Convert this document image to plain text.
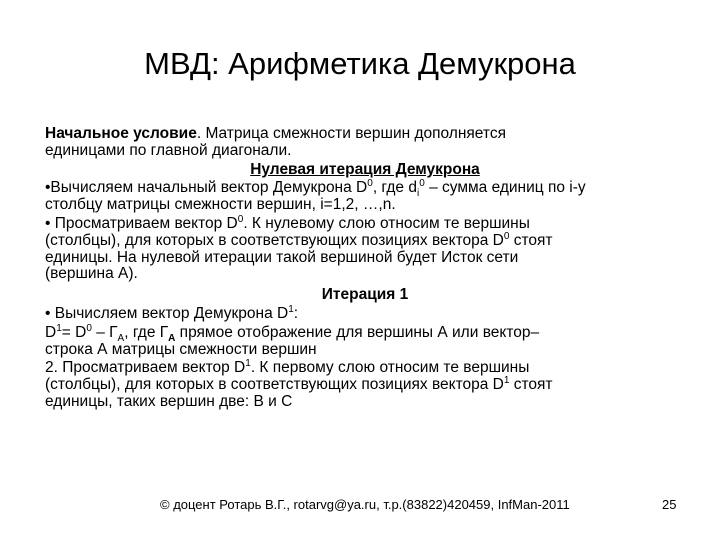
МВД: Арифметика Демукрона
Начальное условие. Матрица смежности вершин дополняется
единицами по главной диагонали.
Нулевая итерация Демукрона
•Вычисляем начальный вектор Демукрона $D^0$, где $d_i^0$ – сумма единиц по i-у
столбцу матрицы смежности вершин, i=1,2, …,n.
• Просматриваем вектор $D^0$. К нулевому слою относим те вершины
(столбцы), для которых в соответствующих позициях вектора $D^0$ стоят
единицы. На нулевой итерации такой вершиной будет Исток сети
(вершина А).
Итерация 1
• Вычисляем вектор Демукрона $D^1$:
$D^1= D^0 - Г_A$, где $Г_A$ прямое отображение для вершины А или вектор–
строка А матрицы смежности вершин
2. Просматриваем вектор $D^1$. К первому слою относим те вершины
(столбцы), для которых в соответствующих позициях вектора $D^1$ стоят
единицы, таких вершин две: В и С
© доцент Ротарь В.Г., rotarvg@ya.ru, т.р.(83822)420459, InfMan-2011	25
